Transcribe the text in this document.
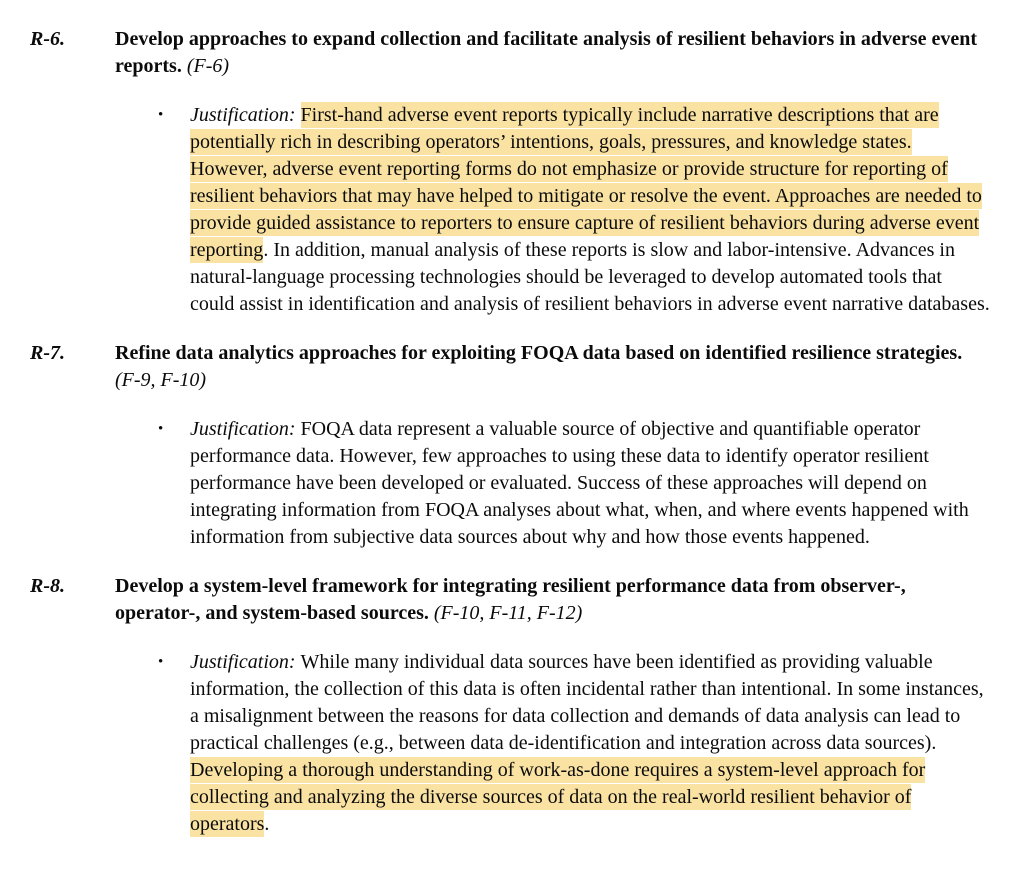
R-6.	Develop approaches to expand collection and facilitate analysis of resilient behaviors in adverse event reports. (F-6)
•	Justification: First-hand adverse event reports typically include narrative descriptions that are potentially rich in describing operators’ intentions, goals, pressures, and knowledge states. However, adverse event reporting forms do not emphasize or provide structure for reporting of resilient behaviors that may have helped to mitigate or resolve the event. Approaches are needed to provide guided assistance to reporters to ensure capture of resilient behaviors during adverse event reporting. In addition, manual analysis of these reports is slow and labor-intensive. Advances in natural-language processing technologies should be leveraged to develop automated tools that could assist in identification and analysis of resilient behaviors in adverse event narrative databases.
R-7.	Refine data analytics approaches for exploiting FOQA data based on identified resilience strategies. (F-9, F-10)
•	Justification: FOQA data represent a valuable source of objective and quantifiable operator performance data. However, few approaches to using these data to identify operator resilient performance have been developed or evaluated. Success of these approaches will depend on integrating information from FOQA analyses about what, when, and where events happened with information from subjective data sources about why and how those events happened.
R-8.	Develop a system-level framework for integrating resilient performance data from observer-, operator-, and system-based sources. (F-10, F-11, F-12)
•	Justification: While many individual data sources have been identified as providing valuable information, the collection of this data is often incidental rather than intentional. In some instances, a misalignment between the reasons for data collection and demands of data analysis can lead to practical challenges (e.g., between data de-identification and integration across data sources). Developing a thorough understanding of work-as-done requires a system-level approach for collecting and analyzing the diverse sources of data on the real-world resilient behavior of operators.
